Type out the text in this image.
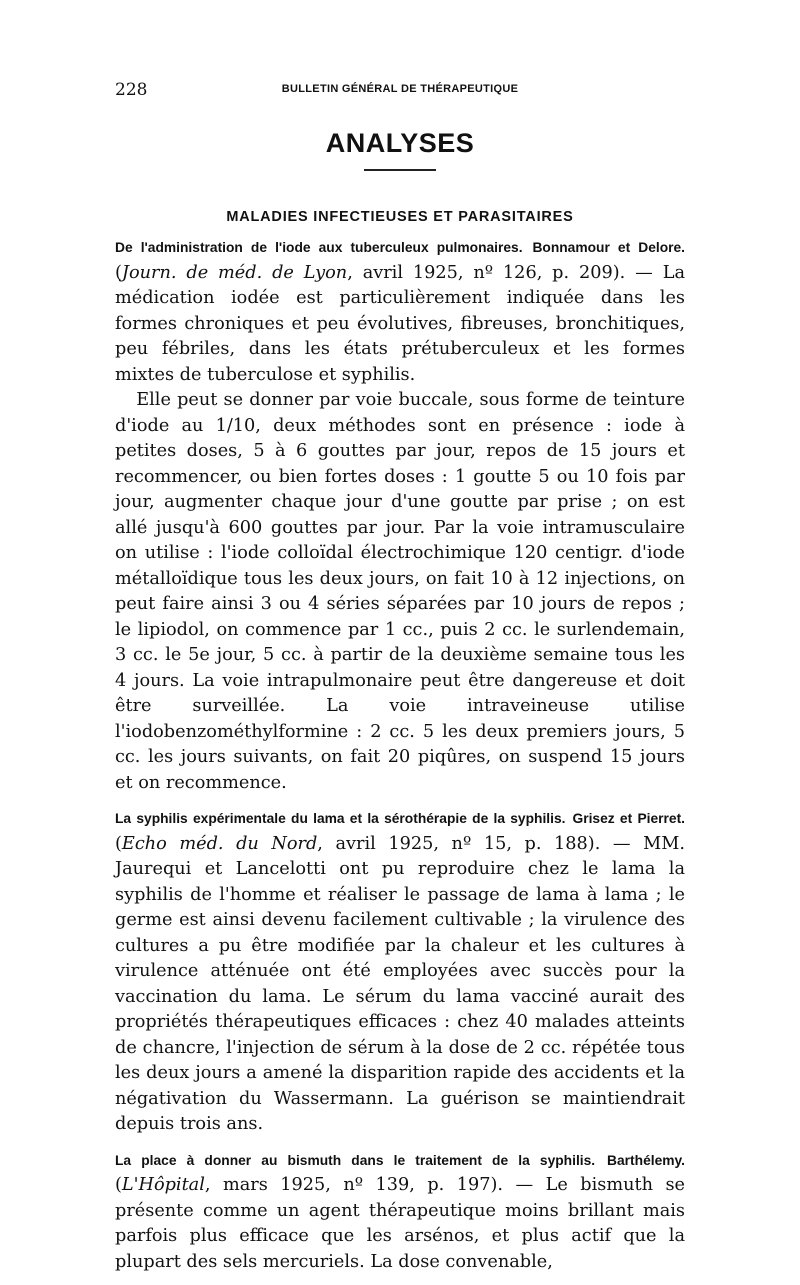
228	BULLETIN GÉNÉRAL DE THÉRAPEUTIQUE
ANALYSES
MALADIES INFECTIEUSES ET PARASITAIRES

De l'administration de l'iode aux tuberculeux pulmonaires. Bonnamour et Delore. (Journ. de méd. de Lyon, avril 1925, nº 126, p. 209). — La médication iodée est particulièrement indiquée dans les formes chroniques et peu évolutives, fibreuses, bronchitiques, peu fébriles, dans les états prétuberculeux et les formes mixtes de tuberculose et syphilis.

Elle peut se donner par voie buccale, sous forme de teinture d'iode au 1/10, deux méthodes sont en présence : iode à petites doses, 5 à 6 gouttes par jour, repos de 15 jours et recommencer, ou bien fortes doses : 1 goutte 5 ou 10 fois par jour, augmenter chaque jour d'une goutte par prise ; on est allé jusqu'à 600 gouttes par jour. Par la voie intramusculaire on utilise : l'iode colloïdal électrochimique 120 centigr. d'iode métalloïdique tous les deux jours, on fait 10 à 12 injections, on peut faire ainsi 3 ou 4 séries séparées par 10 jours de repos ; le lipiodol, on commence par 1 cc., puis 2 cc. le surlendemain, 3 cc. le 5e jour, 5 cc. à partir de la deuxième semaine tous les 4 jours. La voie intrapulmonaire peut être dangereuse et doit être surveillée. La voie intraveineuse utilise l'iodobenzométhylformine : 2 cc. 5 les deux premiers jours, 5 cc. les jours suivants, on fait 20 piqûres, on suspend 15 jours et on recommence.

La syphilis expérimentale du lama et la sérothérapie de la syphilis. Grisez et Pierret. (Echo méd. du Nord, avril 1925, nº 15, p. 188). — MM. Jaurequi et Lancelotti ont pu reproduire chez le lama la syphilis de l'homme et réaliser le passage de lama à lama ; le germe est ainsi devenu facilement cultivable ; la virulence des cultures a pu être modifiée par la chaleur et les cultures à virulence atténuée ont été employées avec succès pour la vaccination du lama. Le sérum du lama vacciné aurait des propriétés thérapeutiques efficaces : chez 40 malades atteints de chancre, l'injection de sérum à la dose de 2 cc. répétée tous les deux jours a amené la disparition rapide des accidents et la négativation du Wassermann. La guérison se maintiendrait depuis trois ans.

La place à donner au bismuth dans le traitement de la syphilis. Barthélemy. (L'Hôpital, mars 1925, nº 139, p. 197). — Le bismuth se présente comme un agent thérapeutique moins brillant mais parfois plus efficace que les arsénos, et plus actif que la plupart des sels mercuriels. La dose convenable,
